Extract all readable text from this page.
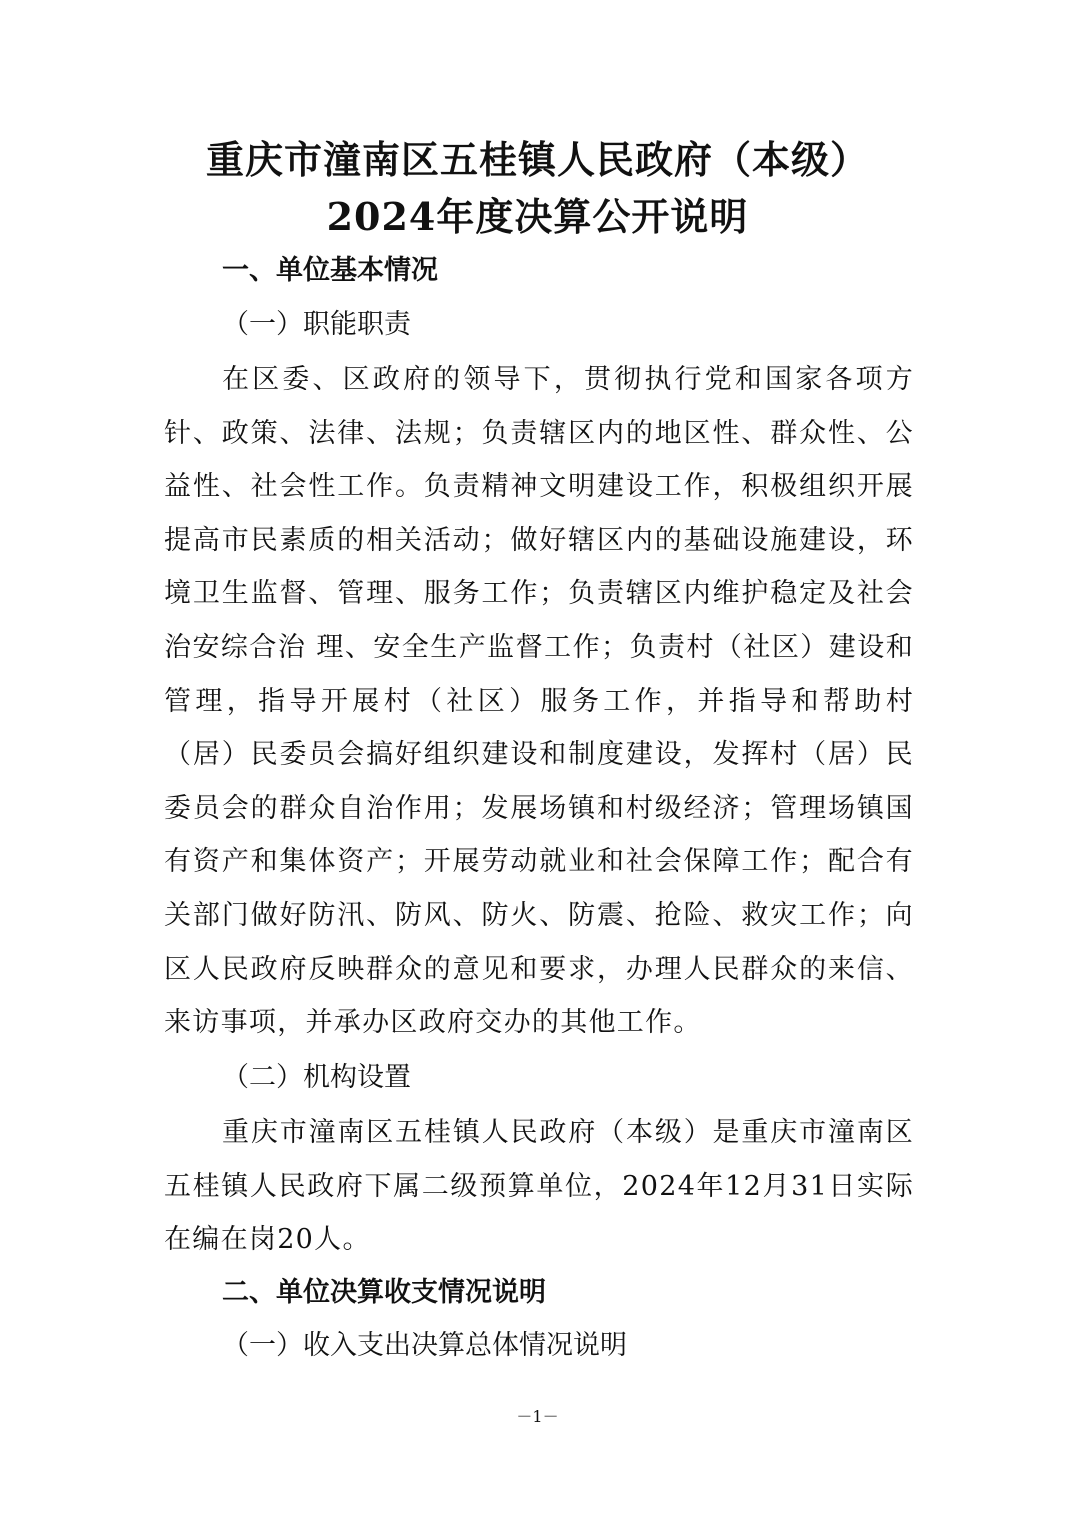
重庆市潼南区五桂镇人民政府（本级）
2024年度决算公开说明
一、单位基本情况
（一）职能职责

在区委、区政府的领导下，贯彻执行党和国家各项方针、政策、法律、法规；负责辖区内的地区性、群众性、公益性、社会性工作。负责精神文明建设工作，积极组织开展提高市民素质的相关活动；做好辖区内的基础设施建设，环境卫生监督、管理、服务工作；负责辖区内维护稳定及社会治安综合治 理、安全生产监督工作；负责村（社区）建设和管理，指导开展村（社区）服务工作，并指导和帮助村（居）民委员会搞好组织建设和制度建设，发挥村（居）民委员会的群众自治作用；发展场镇和村级经济；管理场镇国有资产和集体资产；开展劳动就业和社会保障工作；配合有关部门做好防汛、防风、防火、防震、抢险、救灾工作；向区人民政府反映群众的意见和要求，办理人民群众的来信、来访事项，并承办区政府交办的其他工作。

（二）机构设置

重庆市潼南区五桂镇人民政府（本级）是重庆市潼南区五桂镇人民政府下属二级预算单位，2024年12月31日实际在编在岗20人。

二、单位决算收支情况说明
（一）收入支出决算总体情况说明
－1－
